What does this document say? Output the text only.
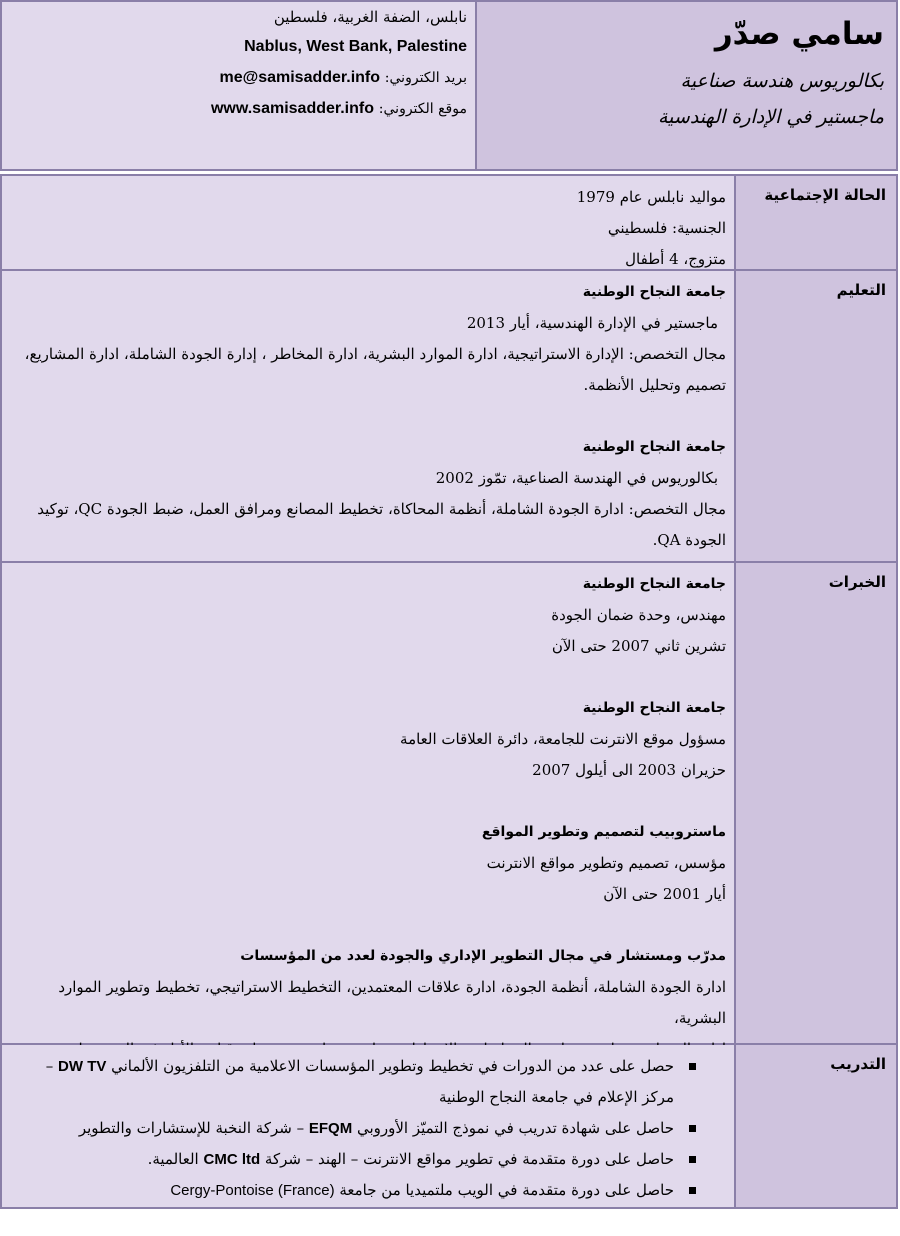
سامي صدّر

بكالوريوس هندسة صناعية

ماجستير في الإدارة الهندسية

نابلس، الضفة الغربية، فلسطين

Nablus, West Bank, Palestine

بريد الكتروني: me@samisadder.info

موقع الكتروني: www.samisadder.info

الحالة الإجتماعية

مواليد نابلس عام 1979

الجنسية: فلسطيني

متزوج، 4 أطفال

التعليم

جامعة النجاح الوطنية

ماجستير في الإدارة الهندسية، أيار 2013

مجال التخصص: الإدارة الاستراتيجية، ادارة الموارد البشرية، ادارة المخاطر ، إدارة الجودة الشاملة، ادارة المشاريع،

تصميم وتحليل الأنظمة.

جامعة النجاح الوطنية

بكالوريوس في الهندسة الصناعية، تمّوز 2002

مجال التخصص: ادارة الجودة الشاملة، أنظمة المحاكاة، تخطيط المصانع ومرافق العمل، ضبط الجودة QC، توكيد

الجودة QA.

الخبرات

جامعة النجاح الوطنية

مهندس، وحدة ضمان الجودة

تشرين ثاني 2007 حتى الآن

جامعة النجاح الوطنية

مسؤول موقع الانترنت للجامعة، دائرة العلاقات العامة

حزيران 2003 الى أيلول 2007

ماستروبيب لتصميم وتطوير المواقع

مؤسس، تصميم وتطوير مواقع الانترنت

أيار 2001 حتى الآن

مدرّب ومستشار في مجال التطوير الإداري والجودة لعدد من المؤسسات

ادارة الجودة الشاملة، أنظمة الجودة، ادارة علاقات المعتمدين، التخطيط الاستراتيجي، تخطيط وتطوير الموارد البشرية،

التدريب
حصل على عدد من الدورات في تخطيط وتطوير المؤسسات الاعلامية من التلفزيون الألماني DW TV –
مركز الإعلام في جامعة النجاح الوطنية
حاصل على شهادة تدريب في نموذج التميّز الأوروبي EFQM – شركة النخبة للإستشارات والتطوير
حاصل على دورة متقدمة في تطوير مواقع الانترنت – الهند – شركة CMC ltd العالمية.
حاصل على دورة متقدمة في الويب ملتميديا من جامعة Cergy-Pontoise (France)
